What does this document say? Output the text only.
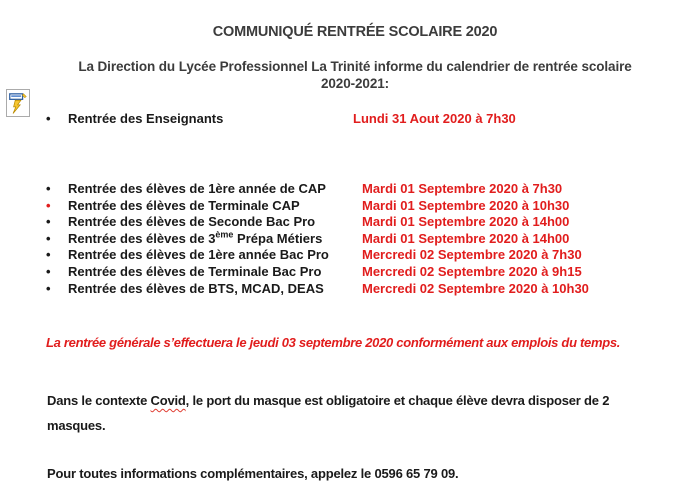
COMMUNIQUÉ RENTRÉE SCOLAIRE 2020
La Direction du Lycée Professionnel La Trinité informe du calendrier de rentrée scolaire 2020-2021:
• Rentrée des Enseignants	Lundi 31 Aout 2020 à 7h30
• Rentrée des élèves de 1ère année de CAP	Mardi 01 Septembre 2020 à 7h30
• Rentrée des élèves de Terminale CAP	Mardi 01 Septembre 2020 à 10h30
• Rentrée des élèves de Seconde Bac Pro	Mardi 01 Septembre 2020 à 14h00
• Rentrée des élèves de 3ème Prépa Métiers	Mardi 01 Septembre 2020 à 14h00
• Rentrée des élèves de 1ère année Bac Pro	Mercredi 02 Septembre 2020 à 7h30
• Rentrée des élèves de Terminale Bac Pro	Mercredi 02 Septembre 2020 à 9h15
• Rentrée des élèves de BTS, MCAD, DEAS	Mercredi 02 Septembre 2020 à 10h30

La rentrée générale s’effectuera le jeudi 03 septembre 2020 conformément aux emplois du temps.

Dans le contexte Covid, le port du masque est obligatoire et chaque élève devra disposer de 2 masques.

Pour toutes informations complémentaires, appelez le 0596 65 79 09.
